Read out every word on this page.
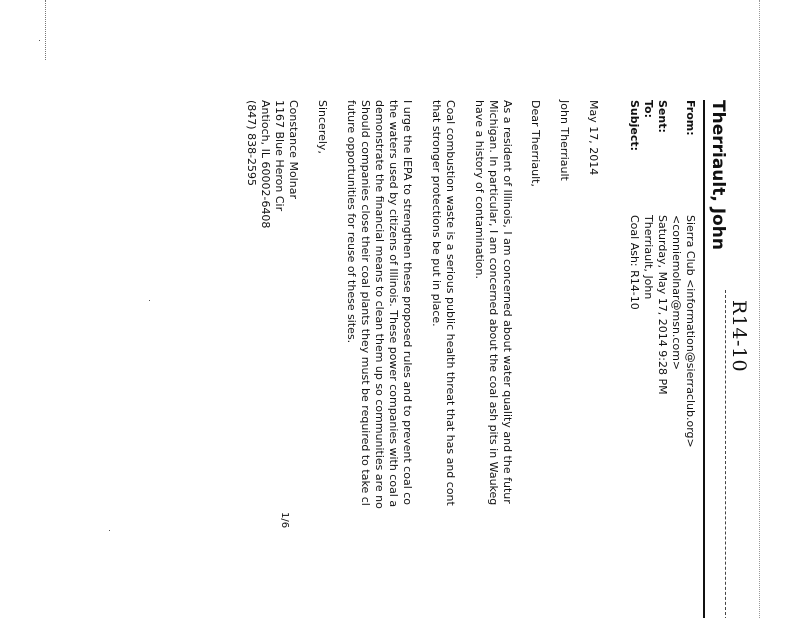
R14-10
Therriault, John
From:
Sierra Club <information@sierraclub.org>
<conniemolnar@msn.com>
Sent:
Saturday, May 17, 2014 9:28 PM
To:
Therriault, John
Subject:
Coal Ash: R14-10
May 17, 2014
John Therriault
Dear Therriault,
As a resident of Illinois, I am concerned about water quality and the futur
Michigan. In particular, I am concerned about the coal ash pits in Waukeg
have a history of contamination.
Coal combustion waste is a serious public health threat that has and cont
that stronger protections be put in place.
I urge the IEPA to strengthen these proposed rules and to prevent coal co
the waters used by citizens of Illinois. These power companies with coal a
demonstrate the financial means to clean them up so communities are no
Should companies close their coal plants they must be required to take cl
future opportunities for reuse of these sites.
Sincerely,
Constance Molnar
1167 Blue Heron Cir
Antioch, IL 60002-6408
(847) 838-2595
1/6
